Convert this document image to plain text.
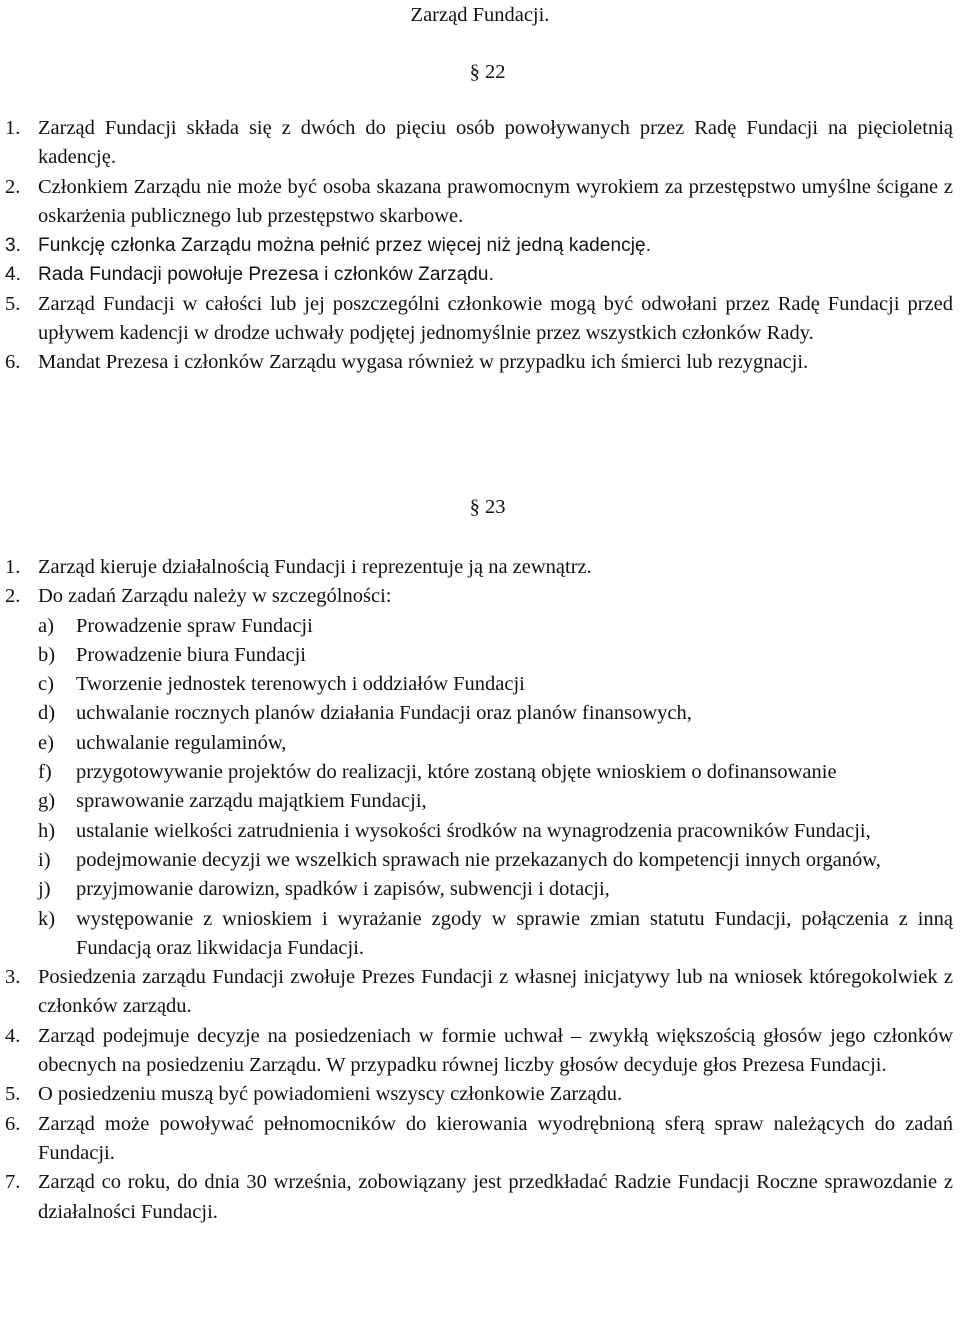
Zarząd Fundacji.
§ 22
1. Zarząd Fundacji składa się z dwóch do pięciu osób powoływanych przez Radę Fundacji na pięcioletnią kadencję.
2. Członkiem Zarządu nie może być osoba skazana prawomocnym wyrokiem za przestępstwo umyślne ścigane z oskarżenia publicznego lub przestępstwo skarbowe.
3. Funkcję członka Zarządu można pełnić przez więcej niż jedną kadencję.
4. Rada Fundacji powołuje Prezesa i członków Zarządu.
5. Zarząd Fundacji w całości lub jej poszczególni członkowie mogą być odwołani przez Radę Fundacji przed upływem kadencji w drodze uchwały podjętej jednomyślnie przez wszystkich członków Rady.
6. Mandat Prezesa i członków Zarządu wygasa również w przypadku ich śmierci lub rezygnacji.
§ 23
1. Zarząd kieruje działalnością Fundacji i reprezentuje ją na zewnątrz.
2. Do zadań Zarządu należy w szczególności:
a) Prowadzenie spraw Fundacji
b) Prowadzenie biura Fundacji
c) Tworzenie jednostek terenowych i oddziałów Fundacji
d) uchwalanie rocznych planów działania Fundacji oraz planów finansowych,
e) uchwalanie regulaminów,
f) przygotowywanie projektów do realizacji, które zostaną objęte wnioskiem o dofinansowanie
g) sprawowanie zarządu majątkiem Fundacji,
h) ustalanie wielkości zatrudnienia i wysokości środków na wynagrodzenia pracowników Fundacji,
i) podejmowanie decyzji we wszelkich sprawach nie przekazanych do kompetencji innych organów,
j) przyjmowanie darowizn, spadków i zapisów, subwencji i dotacji,
k) występowanie z wnioskiem i wyrażanie zgody w sprawie zmian statutu Fundacji, połączenia z inną Fundacją oraz likwidacja Fundacji.
3. Posiedzenia zarządu Fundacji zwołuje Prezes Fundacji z własnej inicjatywy lub na wniosek któregokolwiek z członków zarządu.
4. Zarząd podejmuje decyzje na posiedzeniach w formie uchwał – zwykłą większością głosów jego członków obecnych na posiedzeniu Zarządu. W przypadku równej liczby głosów decyduje głos Prezesa Fundacji.
5. O posiedzeniu muszą być powiadomieni wszyscy członkowie Zarządu.
6. Zarząd może powoływać pełnomocników do kierowania wyodrębnioną sferą spraw należących do zadań Fundacji.
7. Zarząd co roku, do dnia 30 września, zobowiązany jest przedkładać Radzie Fundacji Roczne sprawozdanie z działalności Fundacji.
